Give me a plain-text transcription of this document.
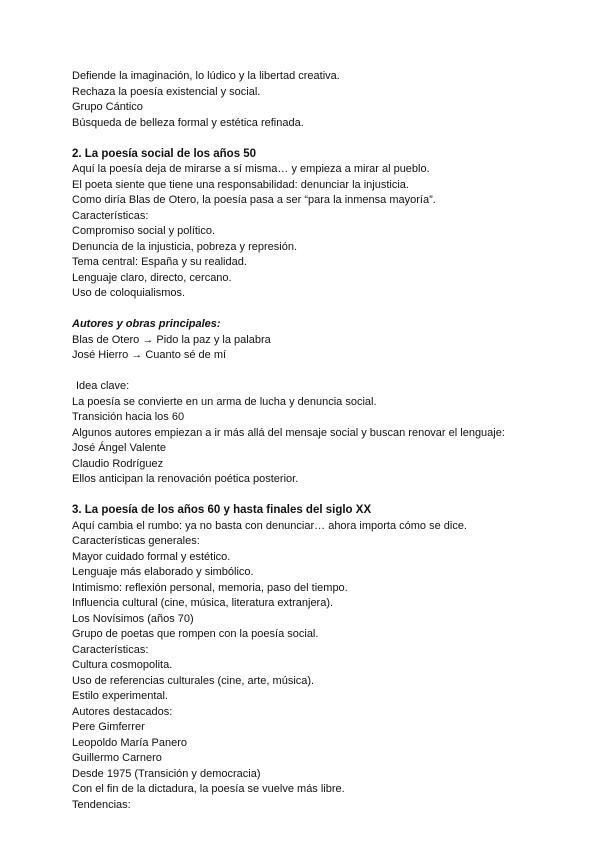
Defiende la imaginación, lo lúdico y la libertad creativa.
Rechaza la poesía existencial y social.
Grupo Cántico
Búsqueda de belleza formal y estética refinada.
2. La poesía social de los años 50
Aquí la poesía deja de mirarse a sí misma… y empieza a mirar al pueblo.
El poeta siente que tiene una responsabilidad: denunciar la injusticia.
Como diría Blas de Otero, la poesía pasa a ser “para la inmensa mayoría”.
Características:
Compromiso social y político.
Denuncia de la injusticia, pobreza y represión.
Tema central: España y su realidad.
Lenguaje claro, directo, cercano.
Uso de coloquialismos.
Autores y obras principales:
Blas de Otero → Pido la paz y la palabra
José Hierro → Cuanto sé de mí
Idea clave:
La poesía se convierte en un arma de lucha y denuncia social.
Transición hacia los 60
Algunos autores empiezan a ir más allá del mensaje social y buscan renovar el lenguaje:
José Ángel Valente
Claudio Rodríguez
Ellos anticipan la renovación poética posterior.
3. La poesía de los años 60 y hasta finales del siglo XX
Aquí cambia el rumbo: ya no basta con denunciar… ahora importa cómo se dice.
Características generales:
Mayor cuidado formal y estético.
Lenguaje más elaborado y simbólico.
Intimismo: reflexión personal, memoria, paso del tiempo.
Influencia cultural (cine, música, literatura extranjera).
Los Novísimos (años 70)
Grupo de poetas que rompen con la poesía social.
Características:
Cultura cosmopolita.
Uso de referencias culturales (cine, arte, música).
Estilo experimental.
Autores destacados:
Pere Gimferrer
Leopoldo María Panero
Guillermo Carnero
Desde 1975 (Transición y democracia)
Con el fin de la dictadura, la poesía se vuelve más libre.
Tendencias:
